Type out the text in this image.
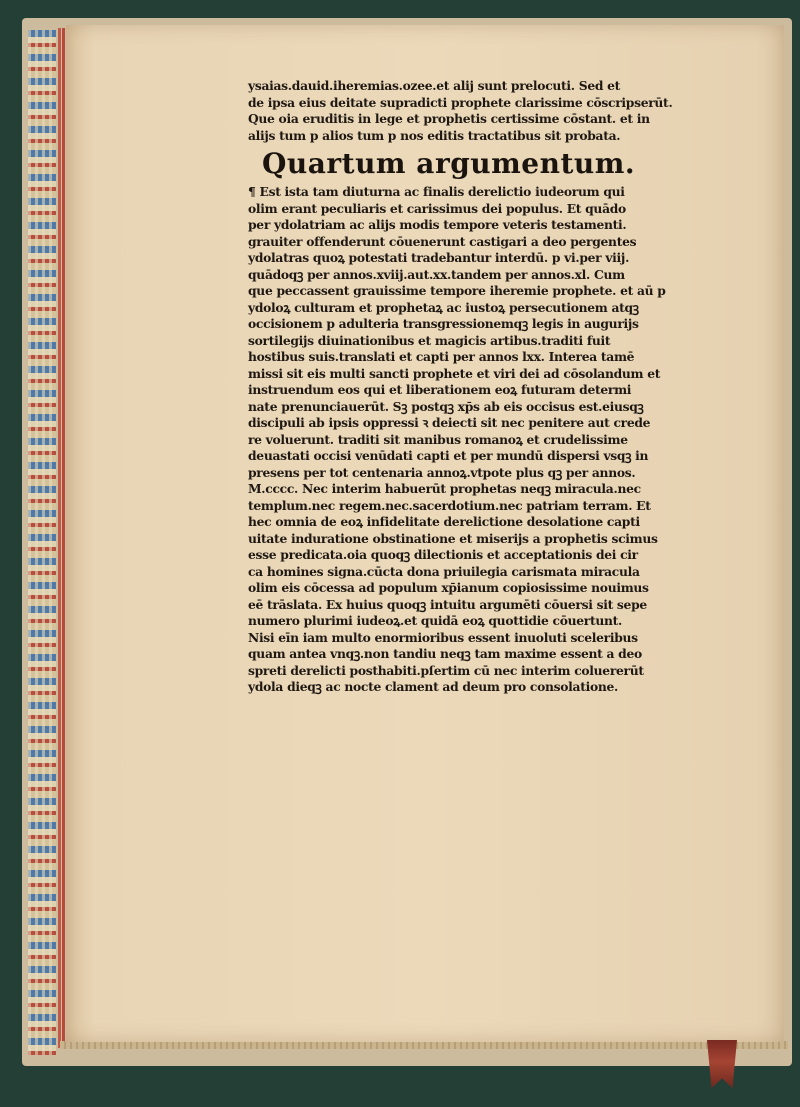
ysaias.dauid.iheremias.ozee.et alij sunt prelocuti. Sed et
de ipsa eius deitate supradicti prophete clarissime cōscripserūt.
Que oia eruditis in lege et prophetis certissime cōstant. et in
alijs tum p alios tum p nos editis tractatibus sit probata.
Quartum argumentum.
¶ Est ista tam diuturna ac finalis derelictio iudeorum qui
olim erant peculiaris et carissimus dei populus. Et quādo
per ydolatriam ac alijs modis tempore veteris testamenti.
grauiter offenderunt cōuenerunt castigari a deo pergentes
ydolatras quoꝝ potestati tradebantur interdū. p vi.per viij.
quādoqꝫ per annos.xviij.aut.xx.tandem per annos.xl. Cum
que peccassent grauissime tempore iheremie prophete. et aū p
ydoloꝝ culturam et prophetaꝝ ac iustoꝝ persecutionem atqꝫ
occisionem p adulteria transgressionemqꝫ legis in augurijs
sortilegijs diuinationibus et magicis artibus.traditi fuit
hostibus suis.translati et capti per annos lxx. Interea tamē
missi sit eis multi sancti prophete et viri dei ad cōsolandum et
instruendum eos qui et liberationem eoꝝ futuram determi
nate prenunciauerūt. Sꝫ postqꝫ xp̄s ab eis occisus est.eiusqꝫ
discipuli ab ipsis oppressi ꝛ deiecti sit nec penitere aut crede
re voluerunt. traditi sit manibus romanoꝝ et crudelissime
deuastati occisi venūdati capti et per mundū dispersi vsqꝫ in
presens per tot centenaria annoꝝ.vtpote plus qꝫ per annos.
M.cccc. Nec interim habuerūt prophetas neqꝫ miracula.nec
templum.nec regem.nec.sacerdotium.nec patriam terram. Et
hec omnia de eoꝝ infidelitate derelictione desolatione capti
uitate induratione obstinatione et miserijs a prophetis scimus
esse predicata.oia quoqꝫ dilectionis et acceptationis dei cir
ca homines signa.cūcta dona priuilegia carismata miracula
olim eis cōcessa ad populum xp̄ianum copiosissime nouimus
eē trāslata. Ex huius quoqꝫ intuitu argumēti cōuersi sit sepe
numero plurimi iudeoꝝ.et quidā eoꝝ quottidie cōuertunt.
Nisi eīn iam multo enormioribus essent inuoluti sceleribus
quam antea vnqꝫ.non tandiu neqꝫ tam maxime essent a deo
spreti derelicti posthabiti.pſertim cū nec interim coluererūt
ydola dieqꝫ ac nocte clament ad deum pro consolatione.
